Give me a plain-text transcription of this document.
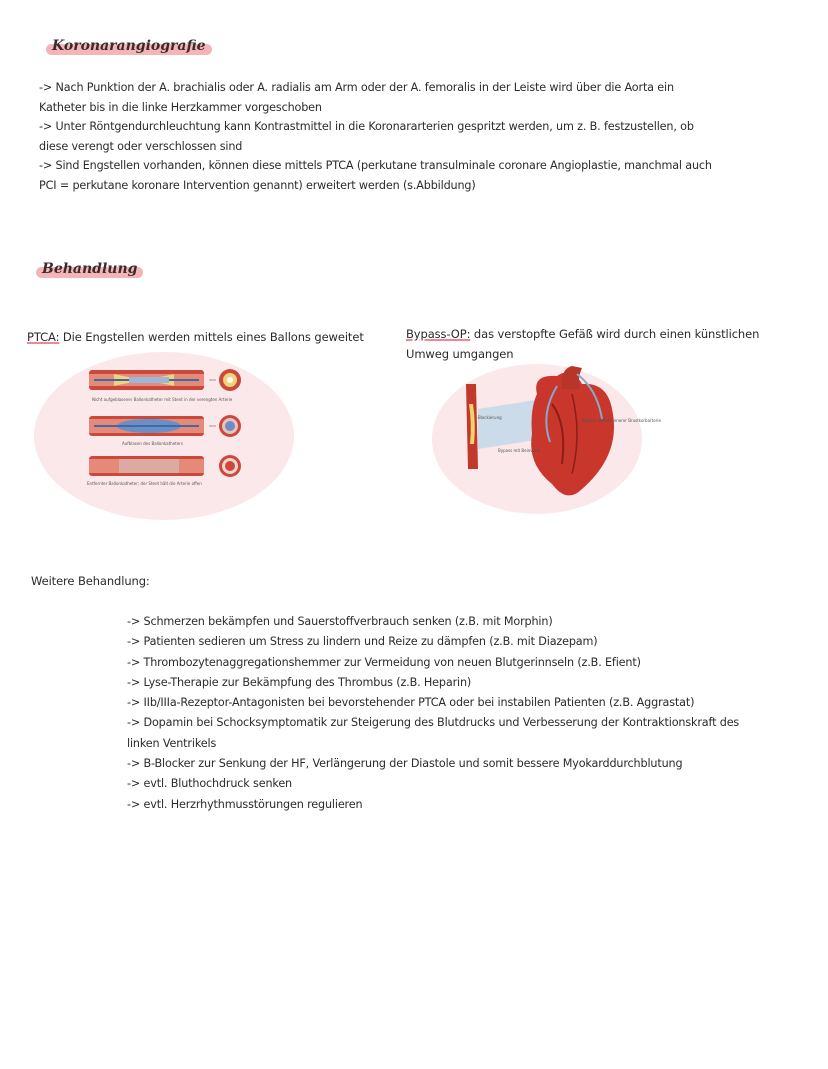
Koronarangiografie
-> Nach Punktion der A. brachialis oder A. radialis am Arm oder der A. femoralis in der Leiste wird über die Aorta ein
Katheter bis in die linke Herzkammer vorgeschoben
-> Unter Röntgendurchleuchtung kann Kontrastmittel in die Koronararterien gespritzt werden, um z. B. festzustellen, ob
diese verengt oder verschlossen sind
-> Sind Engstellen vorhanden, können diese mittels PTCA (perkutane transulminale coronare Angioplastie, manchmal auch
PCI = perkutane koronare Intervention genannt) erweitert werden (s.Abbildung)
Behandlung
PTCA: Die Engstellen werden mittels eines Ballons geweitet	Bypass-OP: das verstopfte Gefäß wird durch einen künstlichen
Umweg umgangen
Nicht aufgeblasener Ballonkatheter mit Stent in der verengten Arterie
Aufblasen des Ballonkatheters
Entfernter Ballonkatheter; der Stent hält die Arterie offen
Blockierung
Bypass mit Beinvene
Bypass mittels innerer Brustkorbarterie
Weitere Behandlung:
-> Schmerzen bekämpfen und Sauerstoffverbrauch senken (z.B. mit Morphin)
-> Patienten sedieren um Stress zu lindern und Reize zu dämpfen (z.B. mit Diazepam)
-> Thrombozytenaggregationshemmer zur Vermeidung von neuen Blutgerinnseln (z.B. Efient)
-> Lyse-Therapie zur Bekämpfung des Thrombus (z.B. Heparin)
-> IIb/IIIa-Rezeptor-Antagonisten bei bevorstehender PTCA oder bei instabilen Patienten (z.B. Aggrastat)
-> Dopamin bei Schocksymptomatik zur Steigerung des Blutdrucks und Verbesserung der Kontraktionskraft des
linken Ventrikels
-> B-Blocker zur Senkung der HF, Verlängerung der Diastole und somit bessere Myokarddurchblutung
-> evtl. Bluthochdruck senken
-> evtl. Herzrhythmusstörungen regulieren
